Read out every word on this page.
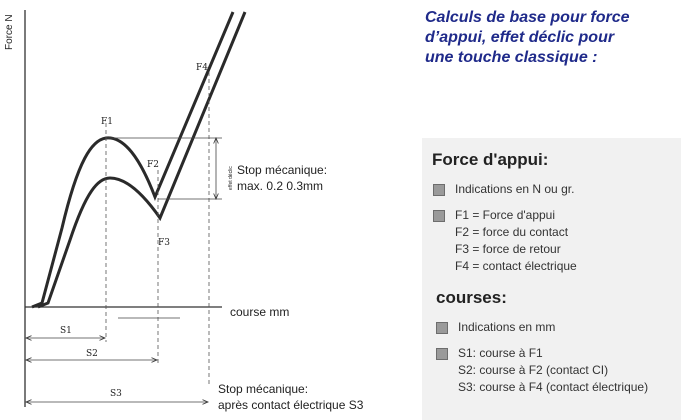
Force N
course mm
effet déclic
F1
F2
F3
F4
Stop mécanique:
max. 0.2 0.3mm
S1
S2
S3	Stop mécanique:
après contact électrique S3
Calculs de base pour force
d’appui, effet déclic pour
une touche classique :
Force d'appui:
Indications en N ou gr.
F1 = Force d'appui
F2 = force du contact
F3 = force de retour
F4 = contact électrique
courses:
Indications en mm
S1: course à F1
S2: course à F2 (contact CI)
S3: course à F4 (contact électrique)
